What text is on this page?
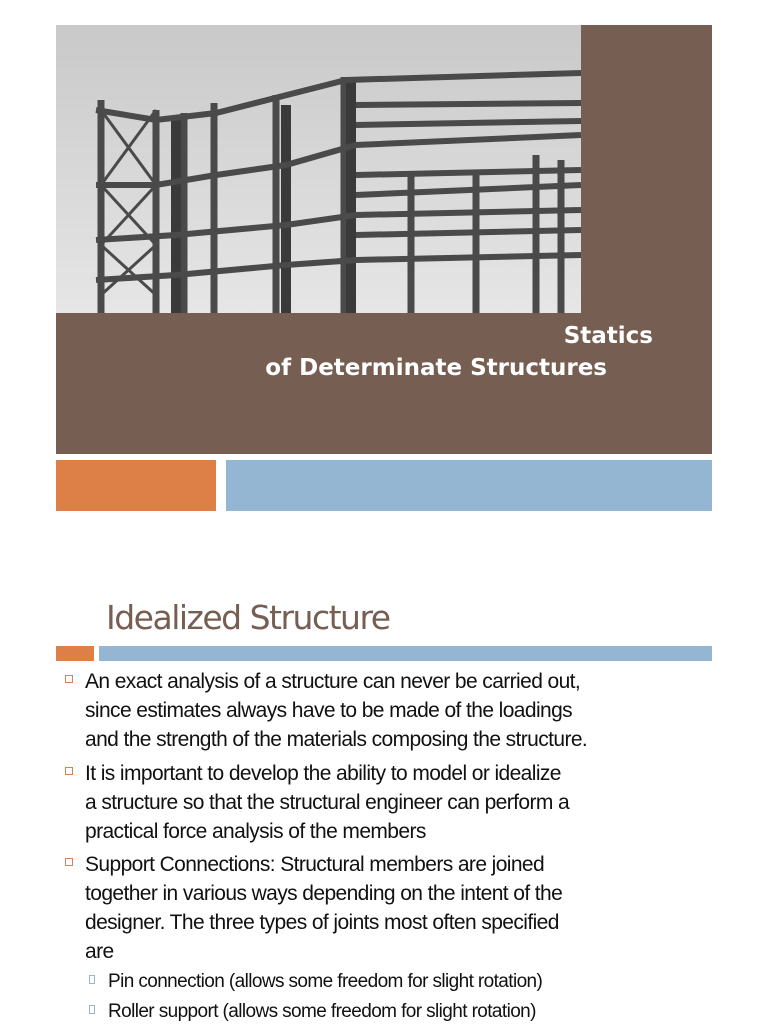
Statics
of Determinate Structures
Idealized Structure
An exact analysis of a structure can never be carried out,
since estimates always have to be made of the loadings
and the strength of the materials composing the structure.
It is important to develop the ability to model or idealize
a structure so that the structural engineer can perform a
practical force analysis of the members
Support Connections: Structural members are joined
together in various ways depending on the intent of the
designer. The three types of joints most often specified
are
Pin connection (allows some freedom for slight rotation)
Roller support (allows some freedom for slight rotation)
